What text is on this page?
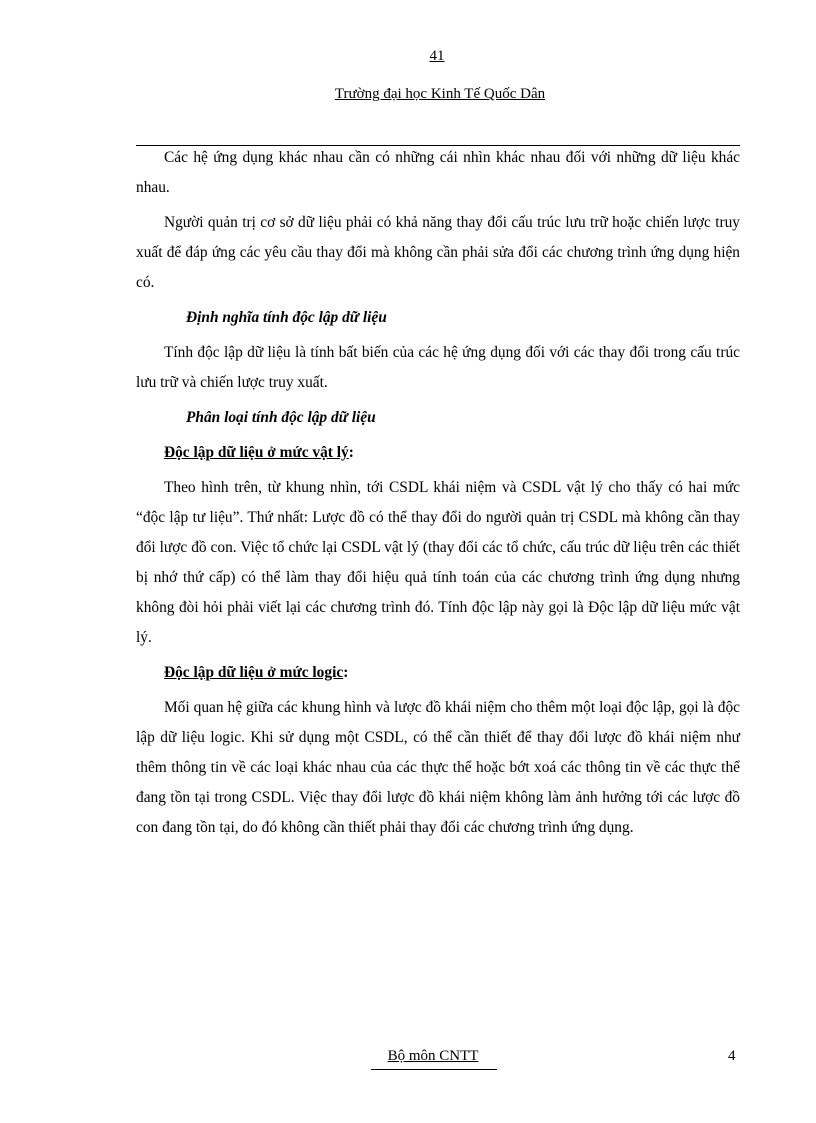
41
Trường đại học Kinh Tế Quốc Dân

Các hệ ứng dụng khác nhau cần có những cái nhìn khác nhau đối với những dữ liệu khác nhau.

Người quản trị cơ sở dữ liệu phải có khả năng thay đổi cấu trúc lưu trữ hoặc chiến lược truy xuất để đáp ứng các yêu cầu thay đổi mà không cần phải sửa đổi các chương trình ứng dụng hiện có.

Định nghĩa tính độc lập dữ liệu

Tính độc lập dữ liệu là tính bất biến của các hệ ứng dụng đối với các thay đổi trong cấu trúc lưu trữ và chiến lược truy xuất.

Phân loại tính độc lập dữ liệu

Độc lập dữ liệu ở mức vật lý:

Theo hình trên, từ khung nhìn, tới CSDL khái niệm và CSDL vật lý cho thấy có hai mức “độc lập tư liệu”. Thứ nhất: Lược đồ có thể thay đổi do người quản trị CSDL mà không cần thay đổi lược đồ con. Việc tổ chức lại CSDL vật lý (thay đổi các tổ chức, cấu trúc dữ liệu trên các thiết bị nhớ thứ cấp) có thể làm thay đổi hiệu quả tính toán của các chương trình ứng dụng nhưng không đòi hỏi phải viết lại các chương trình đó. Tính độc lập này gọi là Độc lập dữ liệu mức vật lý.

Độc lập dữ liệu ở mức logic:

Mối quan hệ giữa các khung hình và lược đồ khái niệm cho thêm một loại độc lập, gọi là độc lập dữ liệu logic. Khi sử dụng một CSDL, có thể cần thiết để thay đổi lược đồ khái niệm như thêm thông tin về các loại khác nhau của các thực thể hoặc bớt xoá các thông tin về các thực thể đang tồn tại trong CSDL. Việc thay đổi lược đồ khái niệm không làm ảnh hưởng tới các lược đồ con đang tồn tại, do đó không cần thiết phải thay đổi các chương trình ứng dụng.

Bộ môn CNTT	4
